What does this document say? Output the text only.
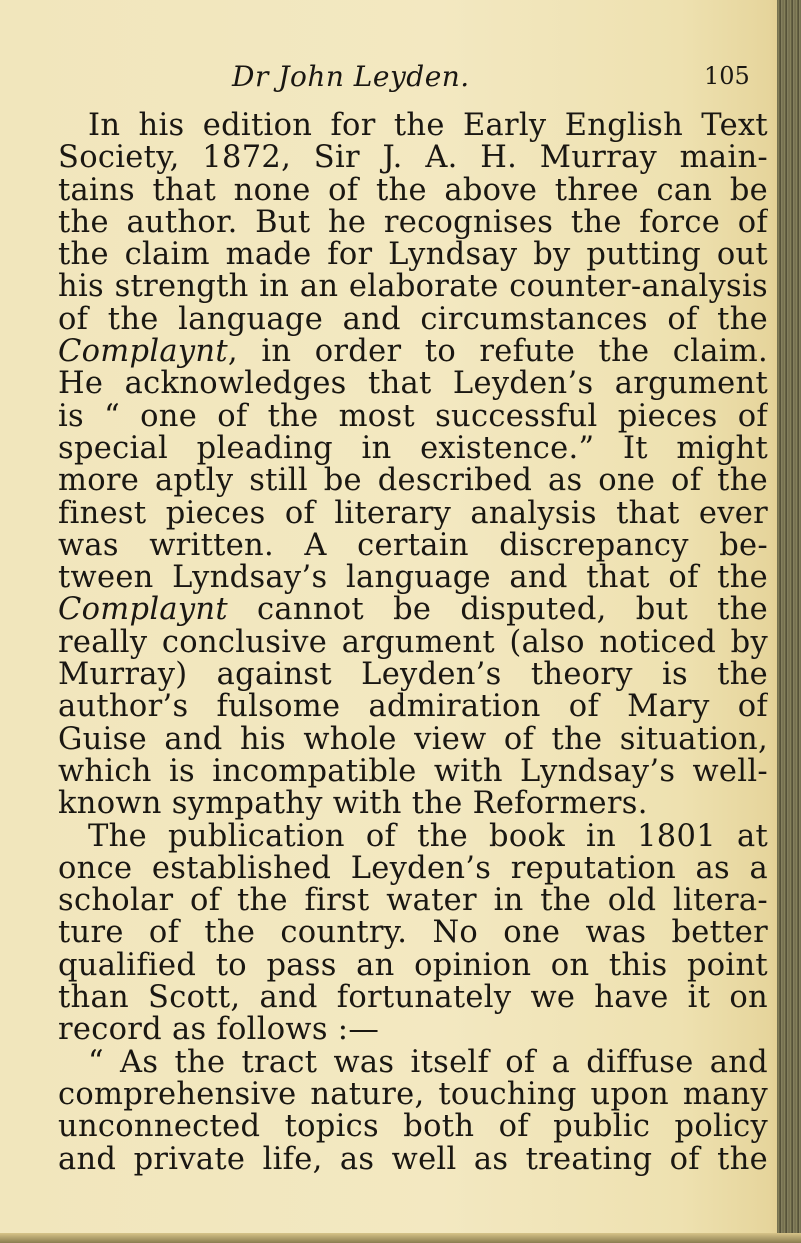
Dr John Leyden.	105
In his edition for the Early English Text
Society, 1872, Sir J. A. H. Murray main-
tains that none of the above three can be
the author. But he recognises the force of
the claim made for Lyndsay by putting out
his strength in an elaborate counter-analysis
of the language and circumstances of the
Complaynt, in order to refute the claim.
He acknowledges that Leyden’s argument
is “ one of the most successful pieces of
special pleading in existence.” It might
more aptly still be described as one of the
finest pieces of literary analysis that ever
was written. A certain discrepancy be-
tween Lyndsay’s language and that of the
Complaynt cannot be disputed, but the
really conclusive argument (also noticed by
Murray) against Leyden’s theory is the
author’s fulsome admiration of Mary of
Guise and his whole view of the situation,
which is incompatible with Lyndsay’s well-
known sympathy with the Reformers.
The publication of the book in 1801 at
once established Leyden’s reputation as a
scholar of the first water in the old litera-
ture of the country. No one was better
qualified to pass an opinion on this point
than Scott, and fortunately we have it on
record as follows :—
“ As the tract was itself of a diffuse and
comprehensive nature, touching upon many
unconnected topics both of public policy
and private life, as well as treating of the
